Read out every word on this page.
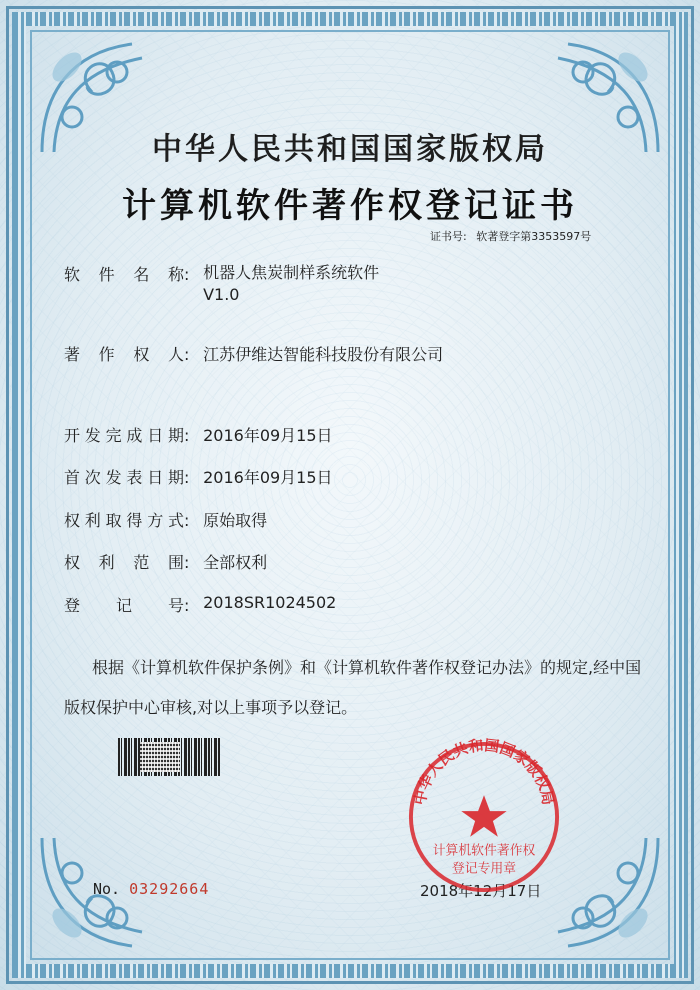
中华人民共和国国家版权局
计算机软件著作权登记证书
证书号: 软著登字第3353597号
软件名称: 机器人焦炭制样系统软件
V1.0
著作权人: 江苏伊维达智能科技股份有限公司
开发完成日期: 2016年09月15日
首次发表日期: 2016年09月15日
权利取得方式: 原始取得
权利范围: 全部权利
登记号: 2018SR1024502
根据《计算机软件保护条例》和《计算机软件著作权登记办法》的规定,经中国版权保护中心审核,对以上事项予以登记。
No. 03292664	2018年12月17日
中华人民共和国国家版权局
计算机软件著作权
登记专用章
